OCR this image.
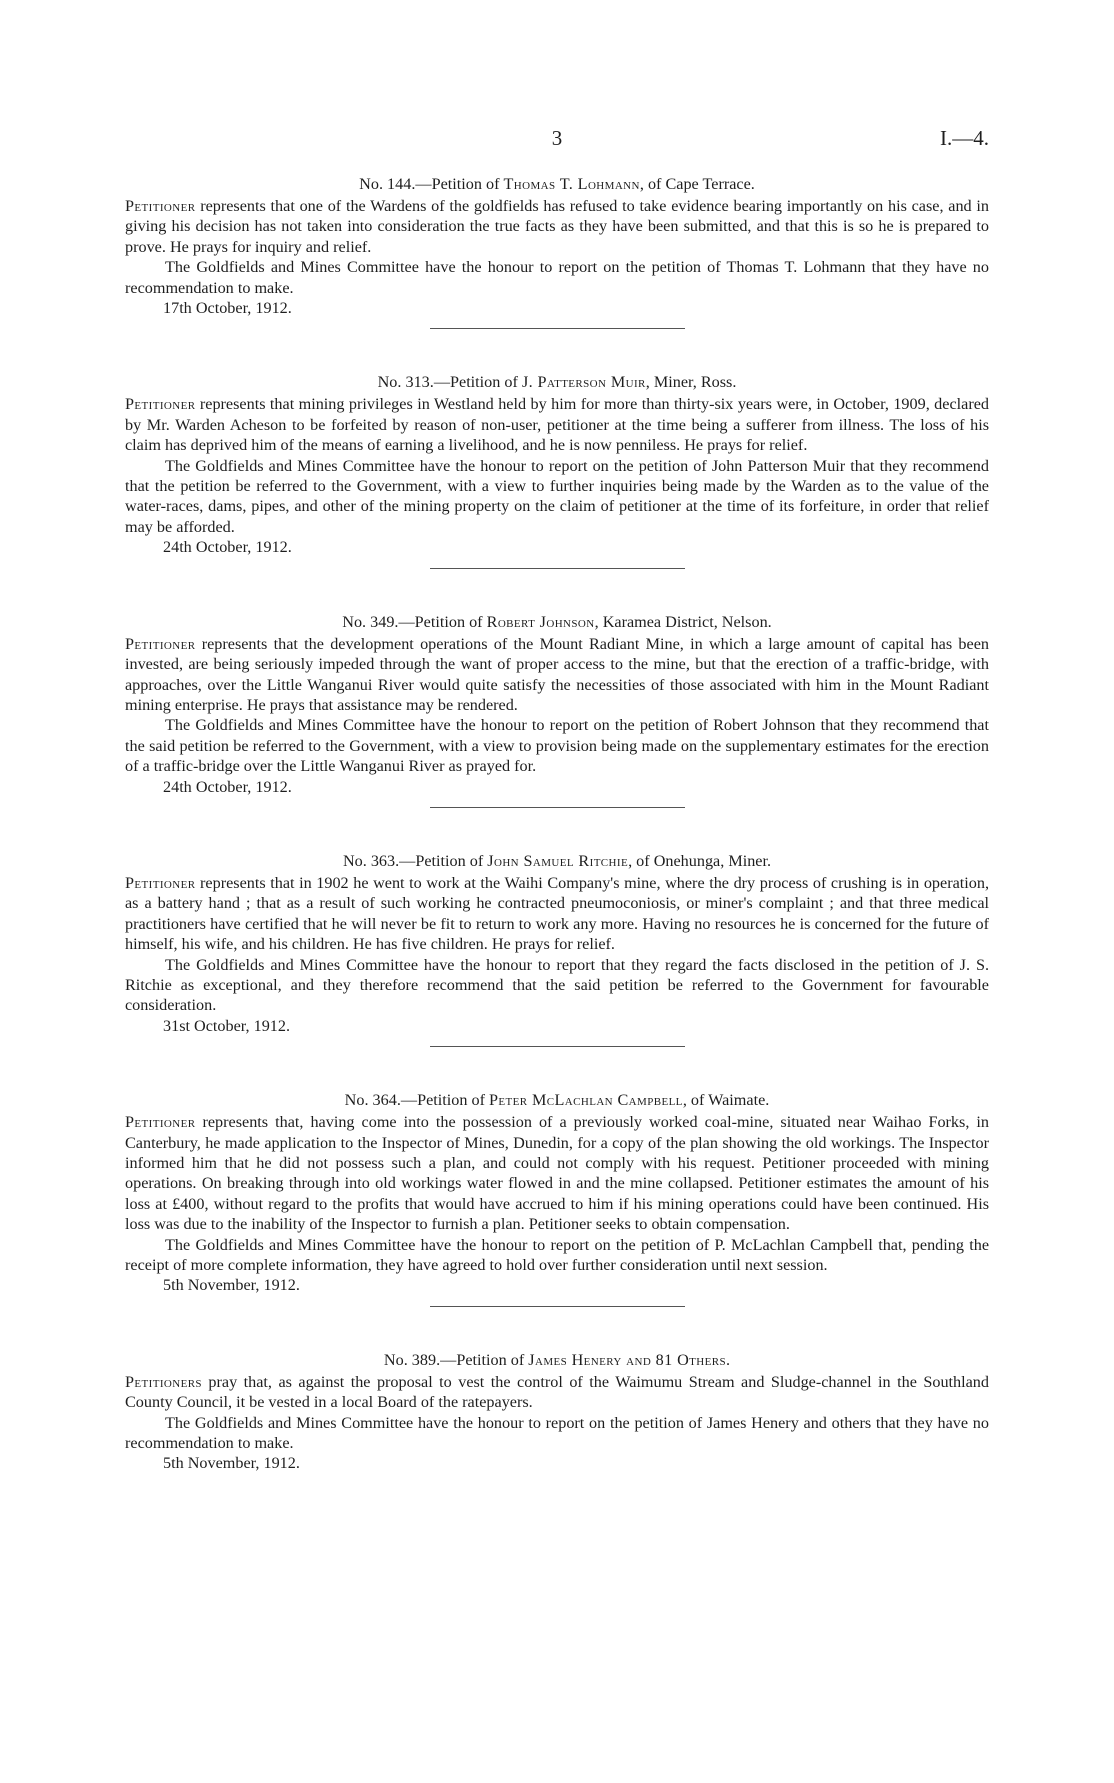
3	I.—4.

No. 144.—Petition of Thomas T. Lohmann, of Cape Terrace.

Petitioner represents that one of the Wardens of the goldfields has refused to take evidence bearing importantly on his case, and in giving his decision has not taken into consideration the true facts as they have been submitted, and that this is so he is prepared to prove. He prays for inquiry and relief.

The Goldfields and Mines Committee have the honour to report on the petition of Thomas T. Lohmann that they have no recommendation to make.

17th October, 1912.

No. 313.—Petition of J. Patterson Muir, Miner, Ross.

Petitioner represents that mining privileges in Westland held by him for more than thirty-six years were, in October, 1909, declared by Mr. Warden Acheson to be forfeited by reason of non-user, petitioner at the time being a sufferer from illness. The loss of his claim has deprived him of the means of earning a livelihood, and he is now penniless. He prays for relief.

The Goldfields and Mines Committee have the honour to report on the petition of John Patterson Muir that they recommend that the petition be referred to the Government, with a view to further inquiries being made by the Warden as to the value of the water-races, dams, pipes, and other of the mining property on the claim of petitioner at the time of its forfeiture, in order that relief may be afforded.

24th October, 1912.

No. 349.—Petition of Robert Johnson, Karamea District, Nelson.

Petitioner represents that the development operations of the Mount Radiant Mine, in which a large amount of capital has been invested, are being seriously impeded through the want of proper access to the mine, but that the erection of a traffic-bridge, with approaches, over the Little Wanganui River would quite satisfy the necessities of those associated with him in the Mount Radiant mining enterprise. He prays that assistance may be rendered.

The Goldfields and Mines Committee have the honour to report on the petition of Robert Johnson that they recommend that the said petition be referred to the Government, with a view to provision being made on the supplementary estimates for the erection of a traffic-bridge over the Little Wanganui River as prayed for.

24th October, 1912.

No. 363.—Petition of John Samuel Ritchie, of Onehunga, Miner.

Petitioner represents that in 1902 he went to work at the Waihi Company's mine, where the dry process of crushing is in operation, as a battery hand ; that as a result of such working he contracted pneumoconiosis, or miner's complaint ; and that three medical practitioners have certified that he will never be fit to return to work any more. Having no resources he is concerned for the future of himself, his wife, and his children. He has five children. He prays for relief.

The Goldfields and Mines Committee have the honour to report that they regard the facts disclosed in the petition of J. S. Ritchie as exceptional, and they therefore recommend that the said petition be referred to the Government for favourable consideration.

31st October, 1912.

No. 364.—Petition of Peter McLachlan Campbell, of Waimate.

Petitioner represents that, having come into the possession of a previously worked coal-mine, situated near Waihao Forks, in Canterbury, he made application to the Inspector of Mines, Dunedin, for a copy of the plan showing the old workings. The Inspector informed him that he did not possess such a plan, and could not comply with his request. Petitioner proceeded with mining operations. On breaking through into old workings water flowed in and the mine collapsed. Petitioner estimates the amount of his loss at £400, without regard to the profits that would have accrued to him if his mining operations could have been continued. His loss was due to the inability of the Inspector to furnish a plan. Petitioner seeks to obtain compensation.

The Goldfields and Mines Committee have the honour to report on the petition of P. McLachlan Campbell that, pending the receipt of more complete information, they have agreed to hold over further consideration until next session.

5th November, 1912.

No. 389.—Petition of James Henery and 81 Others.

Petitioners pray that, as against the proposal to vest the control of the Waimumu Stream and Sludge-channel in the Southland County Council, it be vested in a local Board of the ratepayers.

The Goldfields and Mines Committee have the honour to report on the petition of James Henery and others that they have no recommendation to make.

5th November, 1912.
